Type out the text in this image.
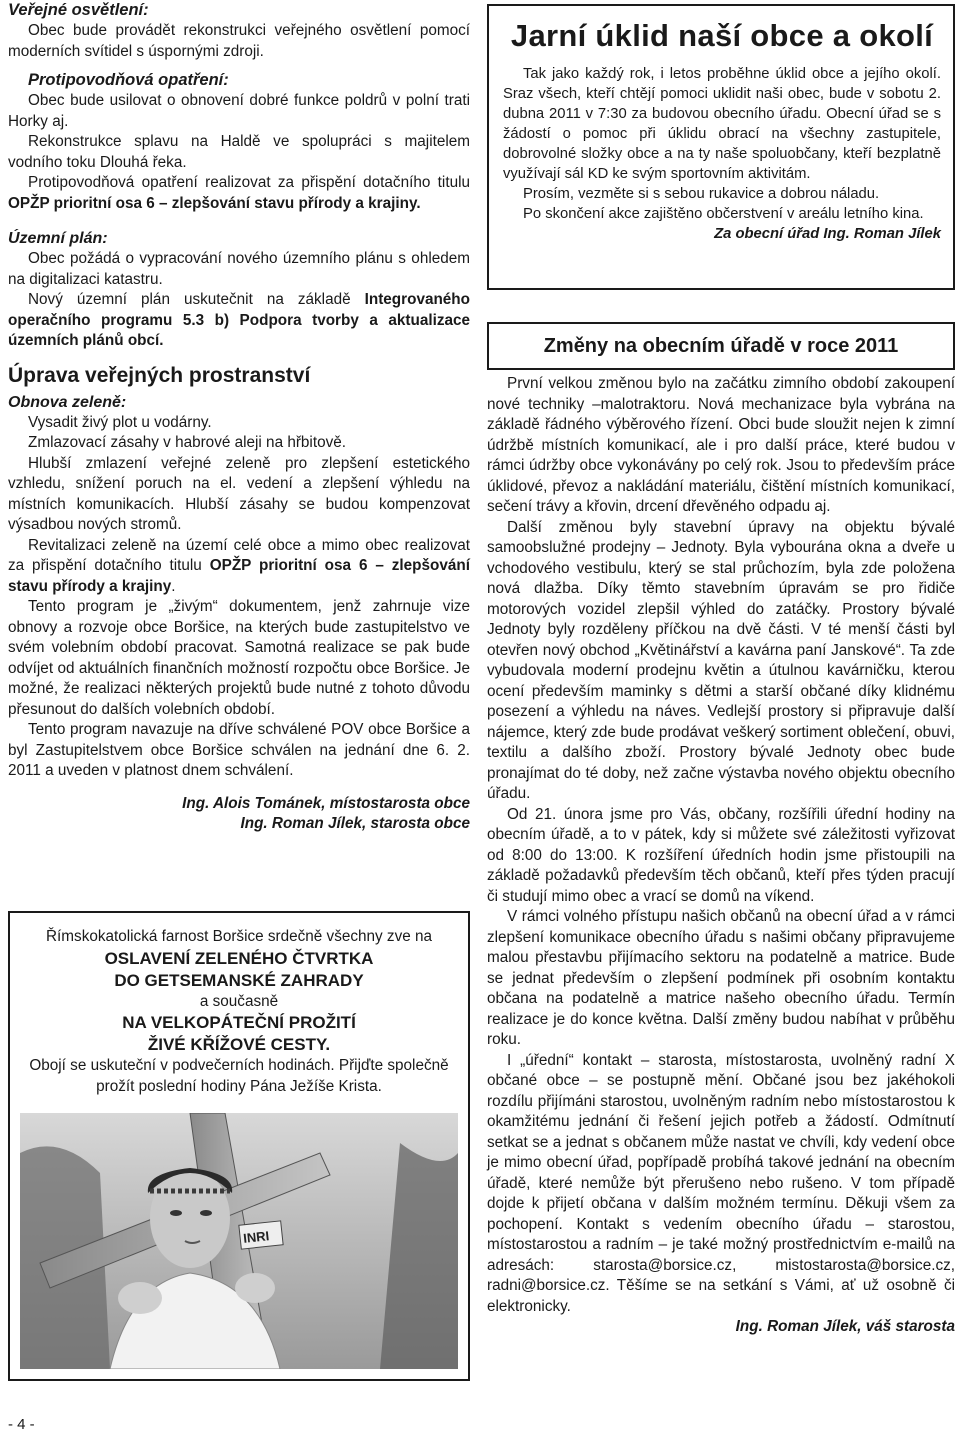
Veřejné osvětlení:

Obec bude provádět rekonstrukci veřejného osvětlení pomocí moderních svítidel s úspornými zdroji.

Protipovodňová opatření:

Obec bude usilovat o obnovení dobré funkce poldrů v polní trati Horky aj.

Rekonstrukce splavu na Haldě ve spolupráci s majitelem vodního toku Dlouhá řeka.

Protipovodňová opatření realizovat za přispění dotačního titulu OPŽP prioritní osa 6 – zlepšování stavu přírody a krajiny.

Územní plán:

Obec požádá o vypracování nového územního plánu s ohledem na digitalizaci katastru.

Nový územní plán uskutečnit na základě Integrovaného operačního programu 5.3 b) Podpora tvorby a aktualizace územních plánů obcí.

Úprava veřejných prostranství

Obnova zeleně:

Vysadit živý plot u vodárny.

Zmlazovací zásahy v habrové aleji na hřbitově.

Hlubší zmlazení veřejné zeleně pro zlepšení estetického vzhledu, snížení poruch na el. vedení a zlepšení výhledu na místních komunikacích. Hlubší zásahy se budou kompenzovat výsadbou nových stromů.

Revitalizaci zeleně na území celé obce a mimo obec realizovat za přispění dotačního titulu OPŽP prioritní osa 6 – zlepšování stavu přírody a krajiny.

Tento program je „živým“ dokumentem, jenž zahrnuje vize obnovy a rozvoje obce Boršice, na kterých bude zastupitelstvo ve svém volebním období pracovat. Samotná realizace se pak bude odvíjet od aktuálních finančních možností rozpočtu obce Boršice. Je možné, že realizaci některých projektů bude nutné z tohoto důvodu přesunout do dalších volebních období.

Tento program navazuje na dříve schválené POV obce Boršice a byl Zastupitelstvem obce Boršice schválen na jednání dne 6. 2. 2011 a uveden v platnost dnem schválení.

Ing. Alois Tománek, místostarosta obce

Ing. Roman Jílek, starosta obce

Římskokatolická farnost Boršice srdečně všechny zve na

OSLAVENÍ ZELENÉHO ČTVRTKA

DO GETSEMANSKÉ ZAHRADY

a současně

NA VELKOPÁTEČNÍ PROŽITÍ

ŽIVÉ KŘÍŽOVÉ CESTY.

Obojí se uskuteční v podvečerních hodinách. Přijďte společně prožít poslední hodiny Pána Ježíše Krista.

INRI

Jarní úklid naší obce a okolí

Tak jako každý rok, i letos proběhne úklid obce a jejího okolí. Sraz všech, kteří chtějí pomoci uklidit naši obec, bude v sobotu 2. dubna 2011 v 7:30 za budovou obecního úřadu. Obecní úřad se s žádostí o pomoc při úklidu obrací na všechny zastupitele, dobrovolné složky obce a na ty naše spoluobčany, kteří bezplatně využívají sál KD ke svým sportovním aktivitám.

Prosím, vezměte si s sebou rukavice a dobrou náladu.

Po skončení akce zajištěno občerstvení v areálu letního kina.

Za obecní úřad Ing. Roman Jílek

Změny na obecním úřadě v roce 2011

První velkou změnou bylo na začátku zimního období zakoupení nové techniky –malotraktoru. Nová mechanizace byla vybrána na základě řádného výběrového řízení. Obci bude sloužit nejen k zimní údržbě místních komunikací, ale i pro další práce, které budou v rámci údržby obce vykonávány po celý rok. Jsou to především práce úklidové, převoz a nakládání materiálu, čištění místních komunikací, sečení trávy a křovin, drcení dřevěného odpadu aj.

Další změnou byly stavební úpravy na objektu bývalé samoobslužné prodejny – Jednoty. Byla vybourána okna a dveře u vchodového vestibulu, který se stal průchozím, byla zde položena nová dlažba. Díky těmto stavebním úpravám se pro řidiče motorových vozidel zlepšil výhled do zatáčky. Prostory bývalé Jednoty byly rozděleny příčkou na dvě části. V té menší části byl otevřen nový obchod „Květinářství a kavárna paní Janskové“. Ta zde vybudovala moderní prodejnu květin a útulnou kavárničku, kterou ocení především maminky s dětmi a starší občané díky klidnému posezení a výhledu na náves. Vedlejší prostory si připravuje další nájemce, který zde bude prodávat veškerý sortiment oblečení, obuvi, textilu a dalšího zboží. Prostory bývalé Jednoty obec bude pronajímat do té doby, než začne výstavba nového objektu obecního úřadu.

Od 21. února jsme pro Vás, občany, rozšířili úřední hodiny na obecním úřadě, a to v pátek, kdy si můžete své záležitosti vyřizovat od 8:00 do 13:00. K rozšíření úředních hodin jsme přistoupili na základě požadavků především těch občanů, kteří přes týden pracují či studují mimo obec a vrací se domů na víkend.

V rámci volného přístupu našich občanů na obecní úřad a v rámci zlepšení komunikace obecního úřadu s našimi občany připravujeme malou přestavbu přijímacího sektoru na podatelně a matrice. Bude se jednat především o zlepšení podmínek při osobním kontaktu občana na podatelně a matrice našeho obecního úřadu. Termín realizace je do konce května. Další změny budou nabíhat v průběhu roku.

I „úřední“ kontakt – starosta, místostarosta, uvolněný radní X občané obce – se postupně mění. Občané jsou bez jakéhokoli rozdílu přijímáni starostou, uvolněným radním nebo místostarostou k okamžitému jednání či řešení jejich potřeb a žádostí. Odmítnutí setkat se a jednat s občanem může nastat ve chvíli, kdy vedení obce je mimo obecní úřad, popřípadě probíhá takové jednání na obecním úřadě, které nemůže být přerušeno nebo rušeno. V tom případě dojde k přijetí občana v dalším možném termínu. Děkuji všem za pochopení. Kontakt s vedením obecního úřadu – starostou, místostarostou a radním – je také možný prostřednictvím e-mailů na adresách: starosta@borsice.cz, mistostarosta@borsice.cz, radni@borsice.cz. Těšíme se na setkání s Vámi, ať už osobně či elektronicky.

Ing. Roman Jílek, váš starosta

- 4 -
